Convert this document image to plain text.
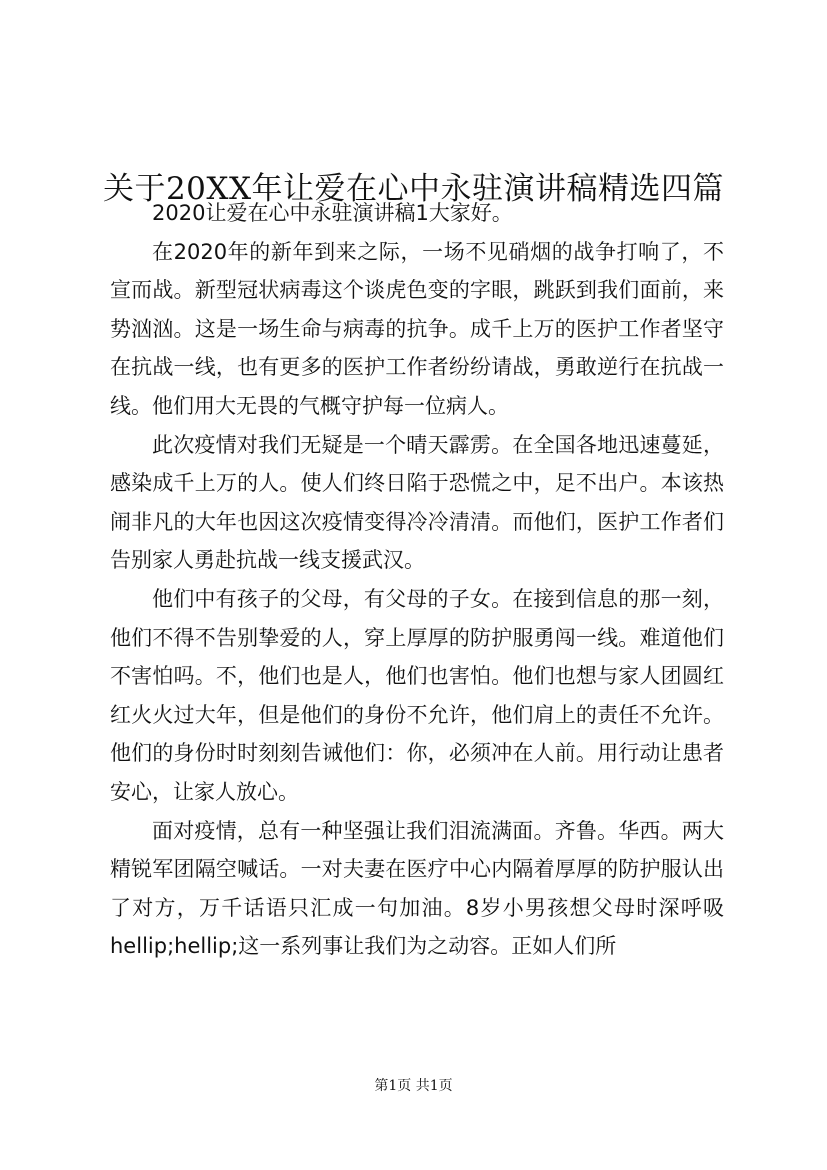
关于20XX年让爱在心中永驻演讲稿精选四篇

2020让爱在心中永驻演讲稿1大家好。

在2020年的新年到来之际，一场不见硝烟的战争打响了，不宣而战。新型冠状病毒这个谈虎色变的字眼，跳跃到我们面前，来势汹汹。这是一场生命与病毒的抗争。成千上万的医护工作者坚守在抗战一线，也有更多的医护工作者纷纷请战，勇敢逆行在抗战一线。他们用大无畏的气概守护每一位病人。

此次疫情对我们无疑是一个晴天霹雳。在全国各地迅速蔓延，感染成千上万的人。使人们终日陷于恐慌之中，足不出户。本该热闹非凡的大年也因这次疫情变得冷冷清清。而他们，医护工作者们告别家人勇赴抗战一线支援武汉。

他们中有孩子的父母，有父母的子女。在接到信息的那一刻，他们不得不告别挚爱的人，穿上厚厚的防护服勇闯一线。难道他们不害怕吗。不，他们也是人，他们也害怕。他们也想与家人团圆红红火火过大年，但是他们的身份不允许，他们肩上的责任不允许。他们的身份时时刻刻告诫他们：你，必须冲在人前。用行动让患者安心，让家人放心。

面对疫情，总有一种坚强让我们泪流满面。齐鲁。华西。两大精锐军团隔空喊话。一对夫妻在医疗中心内隔着厚厚的防护服认出了对方，万千话语只汇成一句加油。8岁小男孩想父母时深呼吸 hellip;hellip;这一系列事让我们为之动容。正如人们所

第1页 共1页
